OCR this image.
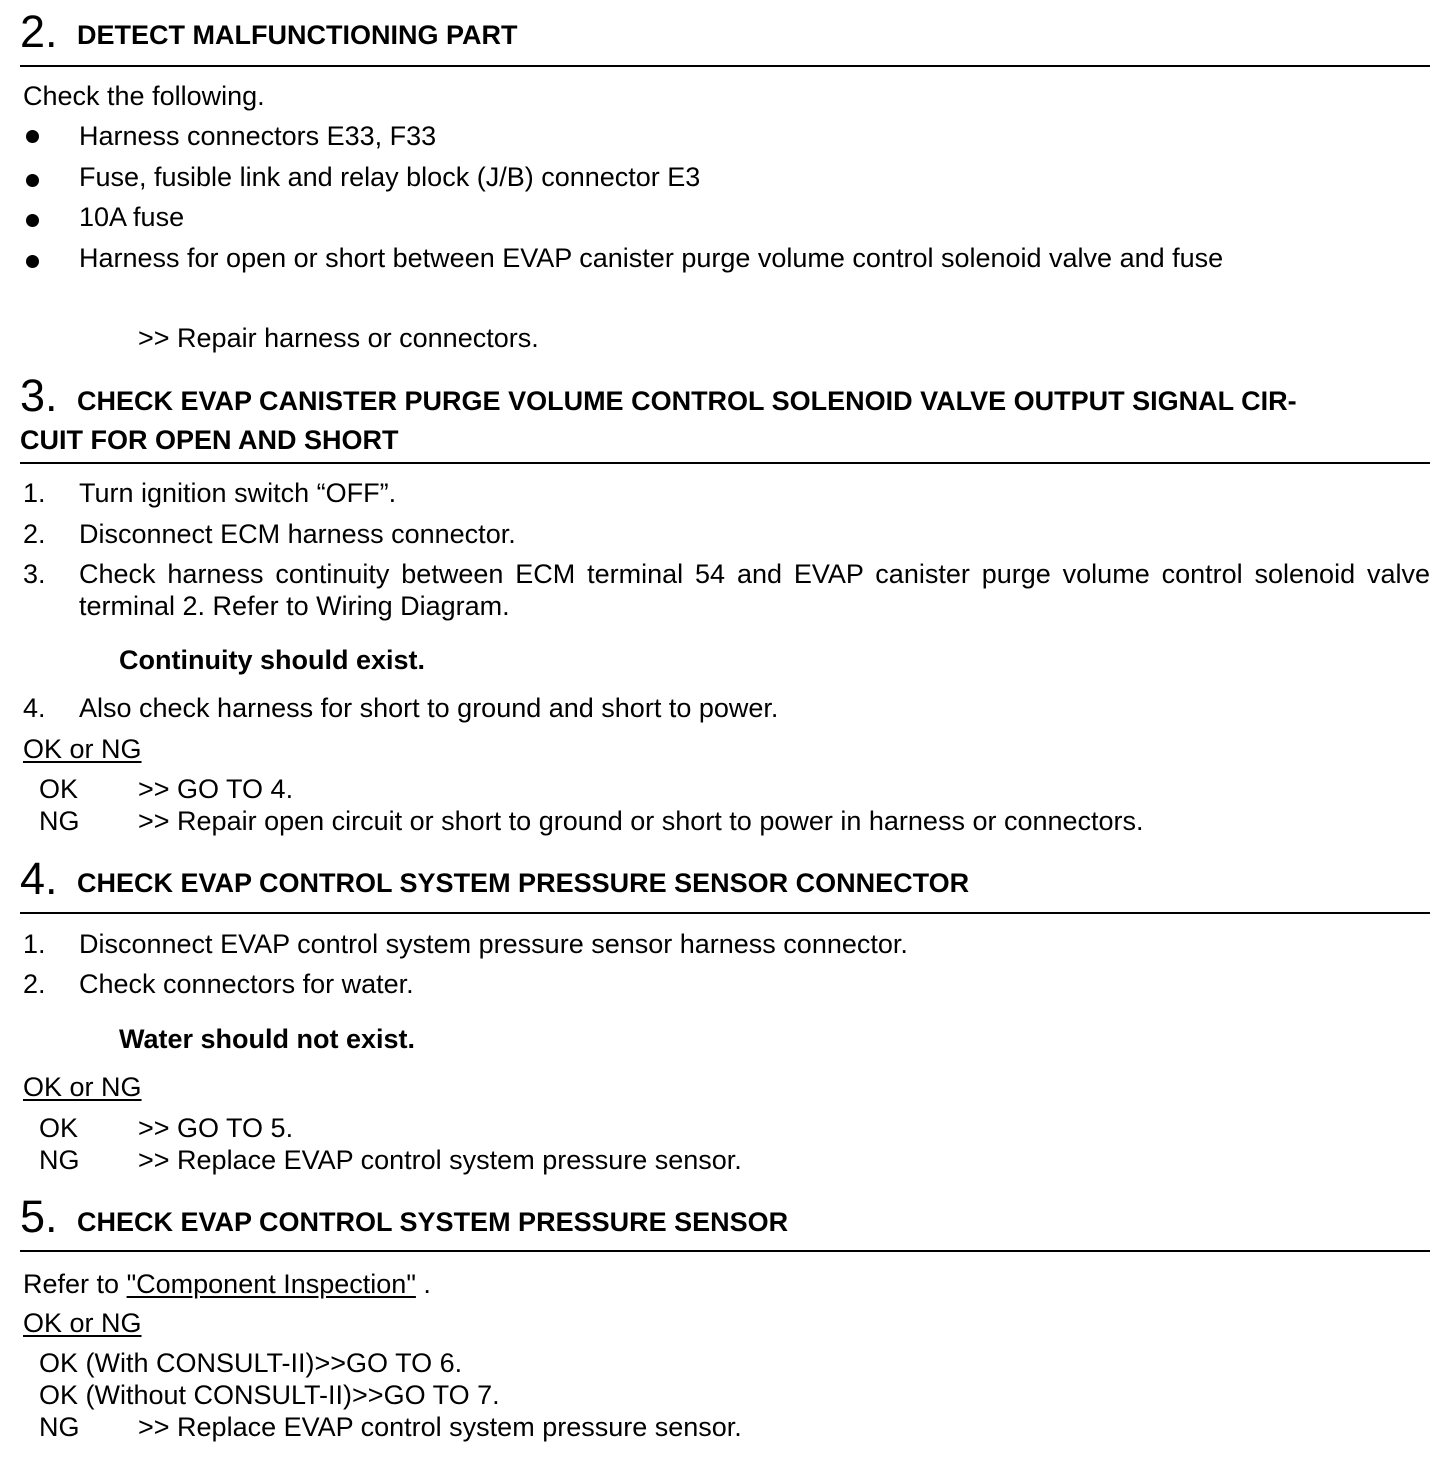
2. DETECT MALFUNCTIONING PART
Check the following.
Harness connectors E33, F33
Fuse, fusible link and relay block (J/B) connector E3
10A fuse
Harness for open or short between EVAP canister purge volume control solenoid valve and fuse
>> Repair harness or connectors.
3. CHECK EVAP CANISTER PURGE VOLUME CONTROL SOLENOID VALVE OUTPUT SIGNAL CIR-
CUIT FOR OPEN AND SHORT
1. Turn ignition switch “OFF”.
2. Disconnect ECM harness connector.
3. Check harness continuity between ECM terminal 54 and EVAP canister purge volume control solenoid valve terminal 2. Refer to Wiring Diagram.
Continuity should exist.
4. Also check harness for short to ground and short to power.
OK or NG
OK >> GO TO 4.
NG >> Repair open circuit or short to ground or short to power in harness or connectors.
4. CHECK EVAP CONTROL SYSTEM PRESSURE SENSOR CONNECTOR
1. Disconnect EVAP control system pressure sensor harness connector.
2. Check connectors for water.
Water should not exist.
OK or NG
OK >> GO TO 5.
NG >> Replace EVAP control system pressure sensor.
5. CHECK EVAP CONTROL SYSTEM PRESSURE SENSOR
Refer to "Component Inspection" .
OK or NG
OK (With CONSULT-II)>>GO TO 6.
OK (Without CONSULT-II)>>GO TO 7.
NG >> Replace EVAP control system pressure sensor.
